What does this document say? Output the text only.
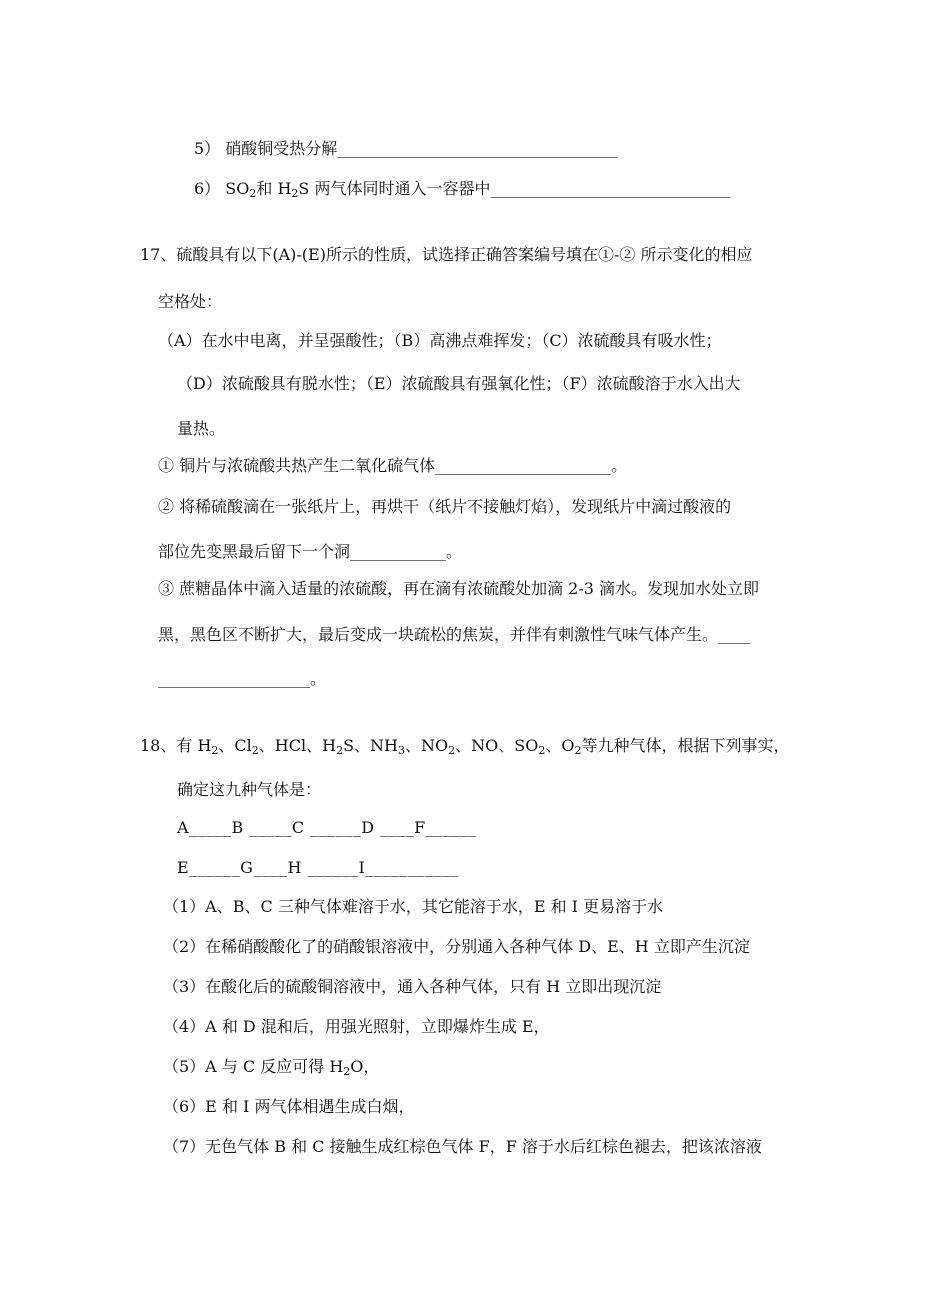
5） 硝酸铜受热分解___________________________________
6） $SO_2$和 $H_2S$ 两气体同时通入一容器中______________________________
17、硫酸具有以下(A)-(E)所示的性质，试选择正确答案编号填在①-② 所示变化的相应
空格处：
（A）在水中电离，并呈强酸性；（B）高沸点难挥发；（C）浓硫酸具有吸水性；
（D）浓硫酸具有脱水性；（E）浓硫酸具有强氧化性；（F）浓硫酸溶于水入出大
量热。
① 铜片与浓硫酸共热产生二氧化硫气体______________________。
② 将稀硫酸滴在一张纸片上，再烘干（纸片不接触灯焰），发现纸片中滴过酸液的
部位先变黑最后留下一个洞____________。
③ 蔗糖晶体中滴入适量的浓硫酸，再在滴有浓硫酸处加滴 2-3 滴水。发现加水处立即
黑，黑色区不断扩大，最后变成一块疏松的焦炭，并伴有刺激性气味气体产生。____
___________________。
18、有 $H_2$、$Cl_2$、HCl、$H_2S$、$NH_3$、$NO_2$、NO、$SO_2$、$O_2$等九种气体，根据下列事实，
确定这九种气体是：
A_____B _____C ______D ____F______
E______G____H ______I___________
（1）A、B、C 三种气体难溶于水，其它能溶于水，E 和 I 更易溶于水
（2）在稀硝酸酸化了的硝酸银溶液中，分别通入各种气体 D、E、H 立即产生沉淀
（3）在酸化后的硫酸铜溶液中，通入各种气体，只有 H 立即出现沉淀
（4）A 和 D 混和后，用强光照射，立即爆炸生成 E，
（5）A 与 C 反应可得 $H_2O$，
（6）E 和 I 两气体相遇生成白烟，
（7）无色气体 B 和 C 接触生成红棕色气体 F，F 溶于水后红棕色褪去，把该浓溶液
